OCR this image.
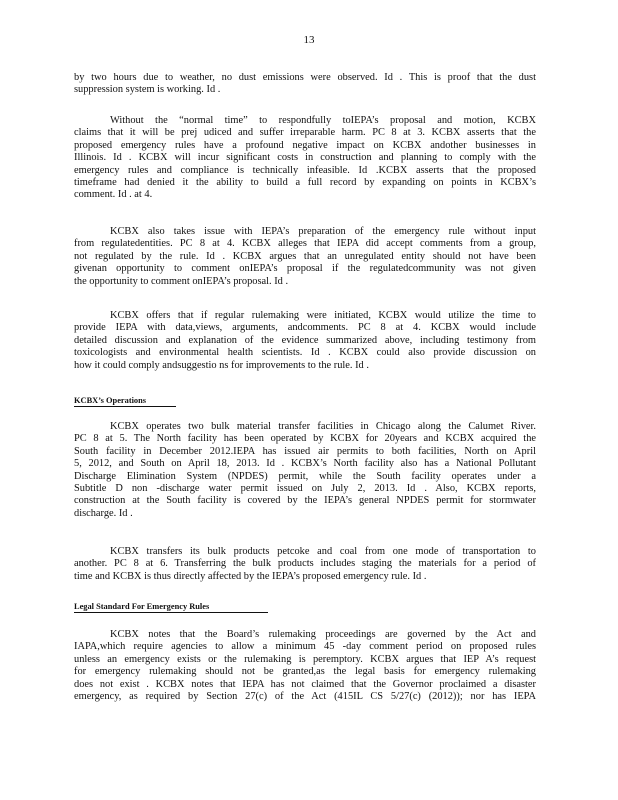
13
by two hours due to weather, no dust emissions were observed. Id . This is proof that the dust
suppression system is working. Id .
Without the “normal time” to respondfully toIEPA’s proposal and motion, KCBX
claims that it will be prej udiced and suffer irreparable harm. PC 8 at 3. KCBX asserts that the
proposed emergency rules have a profound negative impact on KCBX andother businesses in
Illinois. Id . KCBX will incur significant costs in construction and planning to comply with the
emergency rules and compliance is technically infeasible. Id .KCBX asserts that the proposed
timeframe had denied it the ability to build a full record by expanding on points in KCBX’s
comment. Id . at 4.
KCBX also takes issue with IEPA’s preparation of the emergency rule without input
from regulatedentities. PC 8 at 4. KCBX alleges that IEPA did accept comments from a group,
not regulated by the rule. Id . KCBX argues that an unregulated entity should not have been
givenan opportunity to comment onIEPA’s proposal if the regulatedcommunity was not given
the opportunity to comment onIEPA’s proposal. Id .
KCBX offers that if regular rulemaking were initiated, KCBX would utilize the time to
provide IEPA with data,views, arguments, andcomments. PC 8 at 4. KCBX would include
detailed discussion and explanation of the evidence summarized above, including testimony from
toxicologists and environmental health scientists. Id . KCBX could also provide discussion on
how it could comply andsuggestio ns for improvements to the rule. Id .
KCBX’s Operations
KCBX operates two bulk material transfer facilities in Chicago along the Calumet River.
PC 8 at 5. The North facility has been operated by KCBX for 20years and KCBX acquired the
South facility in December 2012.IEPA has issued air permits to both facilities, North on April
5, 2012, and South on April 18, 2013. Id . KCBX’s North facility also has a National Pollutant
Discharge Elimination System (NPDES) permit, while the South facility operates under a
Subtitle D non -discharge water permit issued on July 2, 2013. Id . Also, KCBX reports,
construction at the South facility is covered by the IEPA’s general NPDES permit for stormwater
discharge. Id .
KCBX transfers its bulk products petcoke and coal from one mode of transportation to
another. PC 8 at 6. Transferring the bulk products includes staging the materials for a period of
time and KCBX is thus directly affected by the IEPA’s proposed emergency rule. Id .
Legal Standard For Emergency Rules
KCBX notes that the Board’s rulemaking proceedings are governed by the Act and
IAPA,which require agencies to allow a minimum 45 -day comment period on proposed rules
unless an emergency exists or the rulemaking is peremptory. KCBX argues that IEP A’s request
for emergency rulemaking should not be granted,as the legal basis for emergency rulemaking
does not exist . KCBX notes that IEPA has not claimed that the Governor proclaimed a disaster
emergency, as required by Section 27(c) of the Act (415IL CS 5/27(c) (2012)); nor has IEPA
